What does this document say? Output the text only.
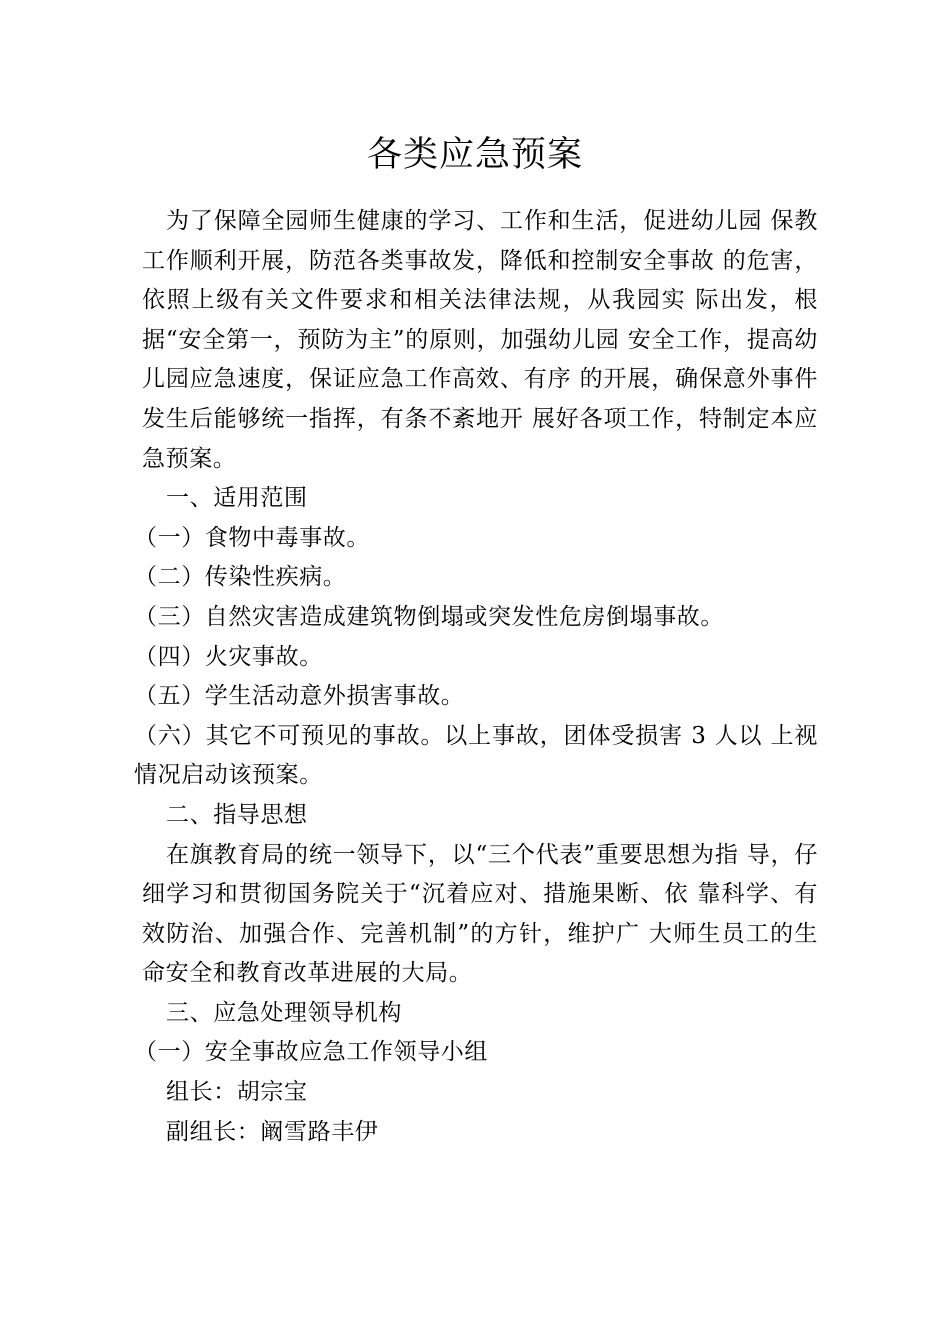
各类应急预案

为了保障全园师生健康的学习、工作和生活，促进幼儿园 保教工作顺利开展，防范各类事故发，降低和控制安全事故 的危害，依照上级有关文件要求和相关法律法规，从我园实 际出发，根据“安全第一，预防为主”的原则，加强幼儿园 安全工作，提高幼儿园应急速度，保证应急工作高效、有序 的开展，确保意外事件发生后能够统一指挥，有条不紊地开 展好各项工作，特制定本应急预案。

一、适用范围

（一）食物中毒事故。

（二）传染性疾病。

（三）自然灾害造成建筑物倒塌或突发性危房倒塌事故。

（四）火灾事故。

（五）学生活动意外损害事故。

（六）其它不可预见的事故。以上事故，团体受损害 3 人以 上视情况启动该预案。

二、指导思想

在旗教育局的统一领导下，以“三个代表”重要思想为指 导，仔细学习和贯彻国务院关于“沉着应对、措施果断、依 靠科学、有效防治、加强合作、完善机制”的方针，维护广 大师生员工的生命安全和教育改革进展的大局。

三、应急处理领导机构

（一）安全事故应急工作领导小组

组长：胡宗宝

副组长：阚雪路丰伊
